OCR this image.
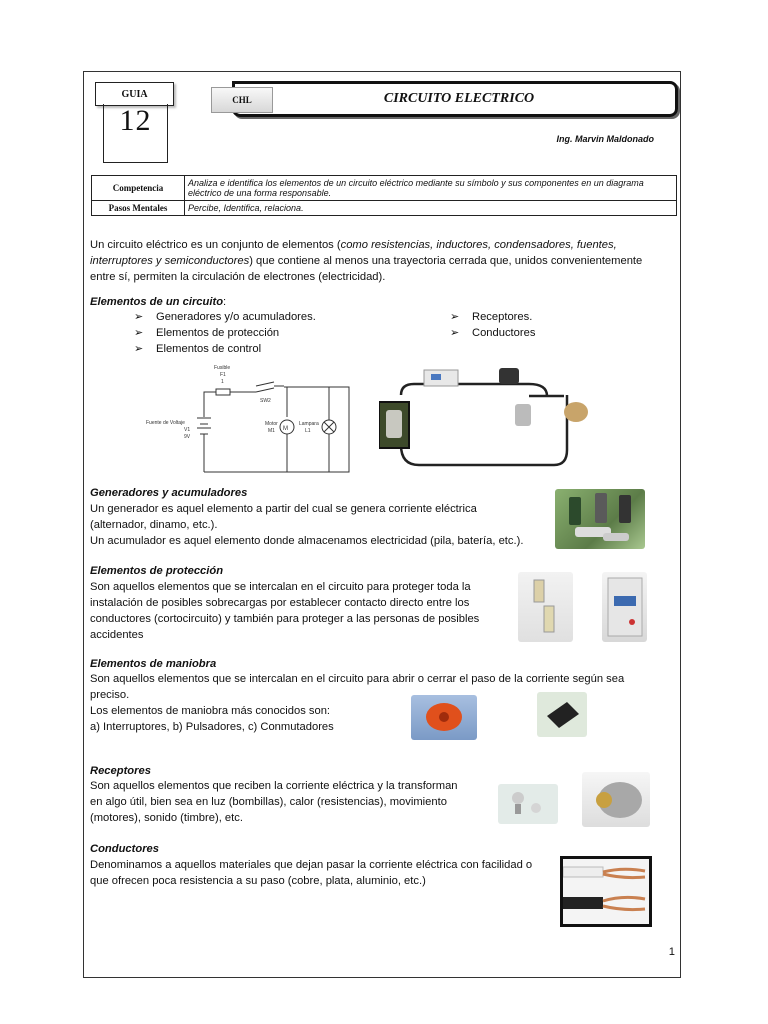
GUIA
12
CHL	CIRCUITO ELECTRICO
Ing. Marvin Maldonado
Competencia	Analiza e identifica los elementos de un circuito eléctrico mediante su símbolo y sus componentes en un diagrama eléctrico de una forma responsable.
Pasos Mentales	Percibe, Identifica, relaciona.
Un circuito eléctrico es un conjunto de elementos (como resistencias, inductores, condensadores, fuentes, interruptores y semiconductores) que contiene al menos una trayectoria cerrada que, unidos convenientemente entre sí, permiten la circulación de electrones (electricidad).
Elementos de un circuito:
➢ Generadores y/o acumuladores.
➢ Elementos de protección
➢ Elementos de control
➢ Receptores.
➢ Conductores
M
Fusible
F1
1
SW2
Fuente de Voltaje
V1
9V
Motor
M1
Lampara
L1
Generadores y acumuladores
Un generador es aquel elemento a partir del cual se genera corriente eléctrica
(alternador, dinamo, etc.).
Un acumulador es aquel elemento donde almacenamos electricidad (pila, batería, etc.).
Elementos de protección
Son aquellos elementos que se intercalan en el circuito para proteger toda la
instalación de posibles sobrecargas por establecer contacto directo entre los
conductores (cortocircuito) y también para proteger a las personas de posibles
accidentes
Elementos de maniobra
Son aquellos elementos que se intercalan en el circuito para abrir o cerrar el paso de la corriente según sea
preciso.
Los elementos de maniobra más conocidos son:
a) Interruptores, b) Pulsadores, c) Conmutadores
Receptores
Son aquellos elementos que reciben la corriente eléctrica y la transforman
en algo útil, bien sea en luz (bombillas), calor (resistencias), movimiento
(motores), sonido (timbre), etc.
Conductores
Denominamos a aquellos materiales que dejan pasar la corriente eléctrica con facilidad o
que ofrecen poca resistencia a su paso (cobre, plata, aluminio, etc.)
1
